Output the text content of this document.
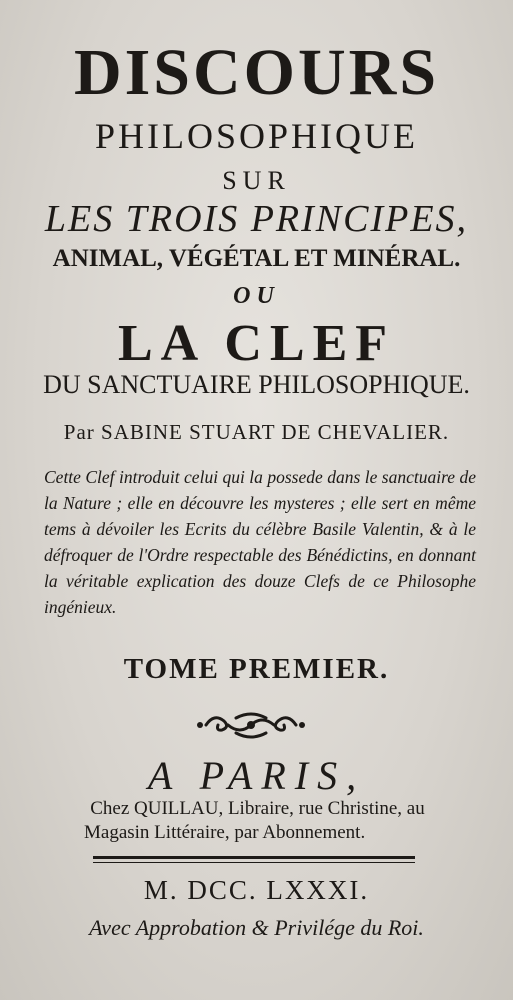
DISCOURS
PHILOSOPHIQUE
SUR
LES TROIS PRINCIPES,
ANIMAL, VÉGÉTAL ET MINÉRAL.
OU
LA CLEF
DU SANCTUAIRE PHILOSOPHIQUE.
Par SABINE STUART DE CHEVALIER.
Cette Clef introduit celui qui la possede dans le sanctuaire de la Nature ; elle en découvre les mysteres ; elle sert en même tems à dévoiler les Ecrits du célèbre Basile Valentin, & à le défroquer de l'Ordre respectable des Bénédictins, en donnant la véritable explication des douze Clefs de ce Philosophe ingénieux.
TOME PREMIER.
A PARIS,
Chez QUILLAU, Libraire, rue Christine, au
Magasin Littéraire, par Abonnement.
M. DCC. LXXXI.
Avec Approbation & Privilége du Roi.
